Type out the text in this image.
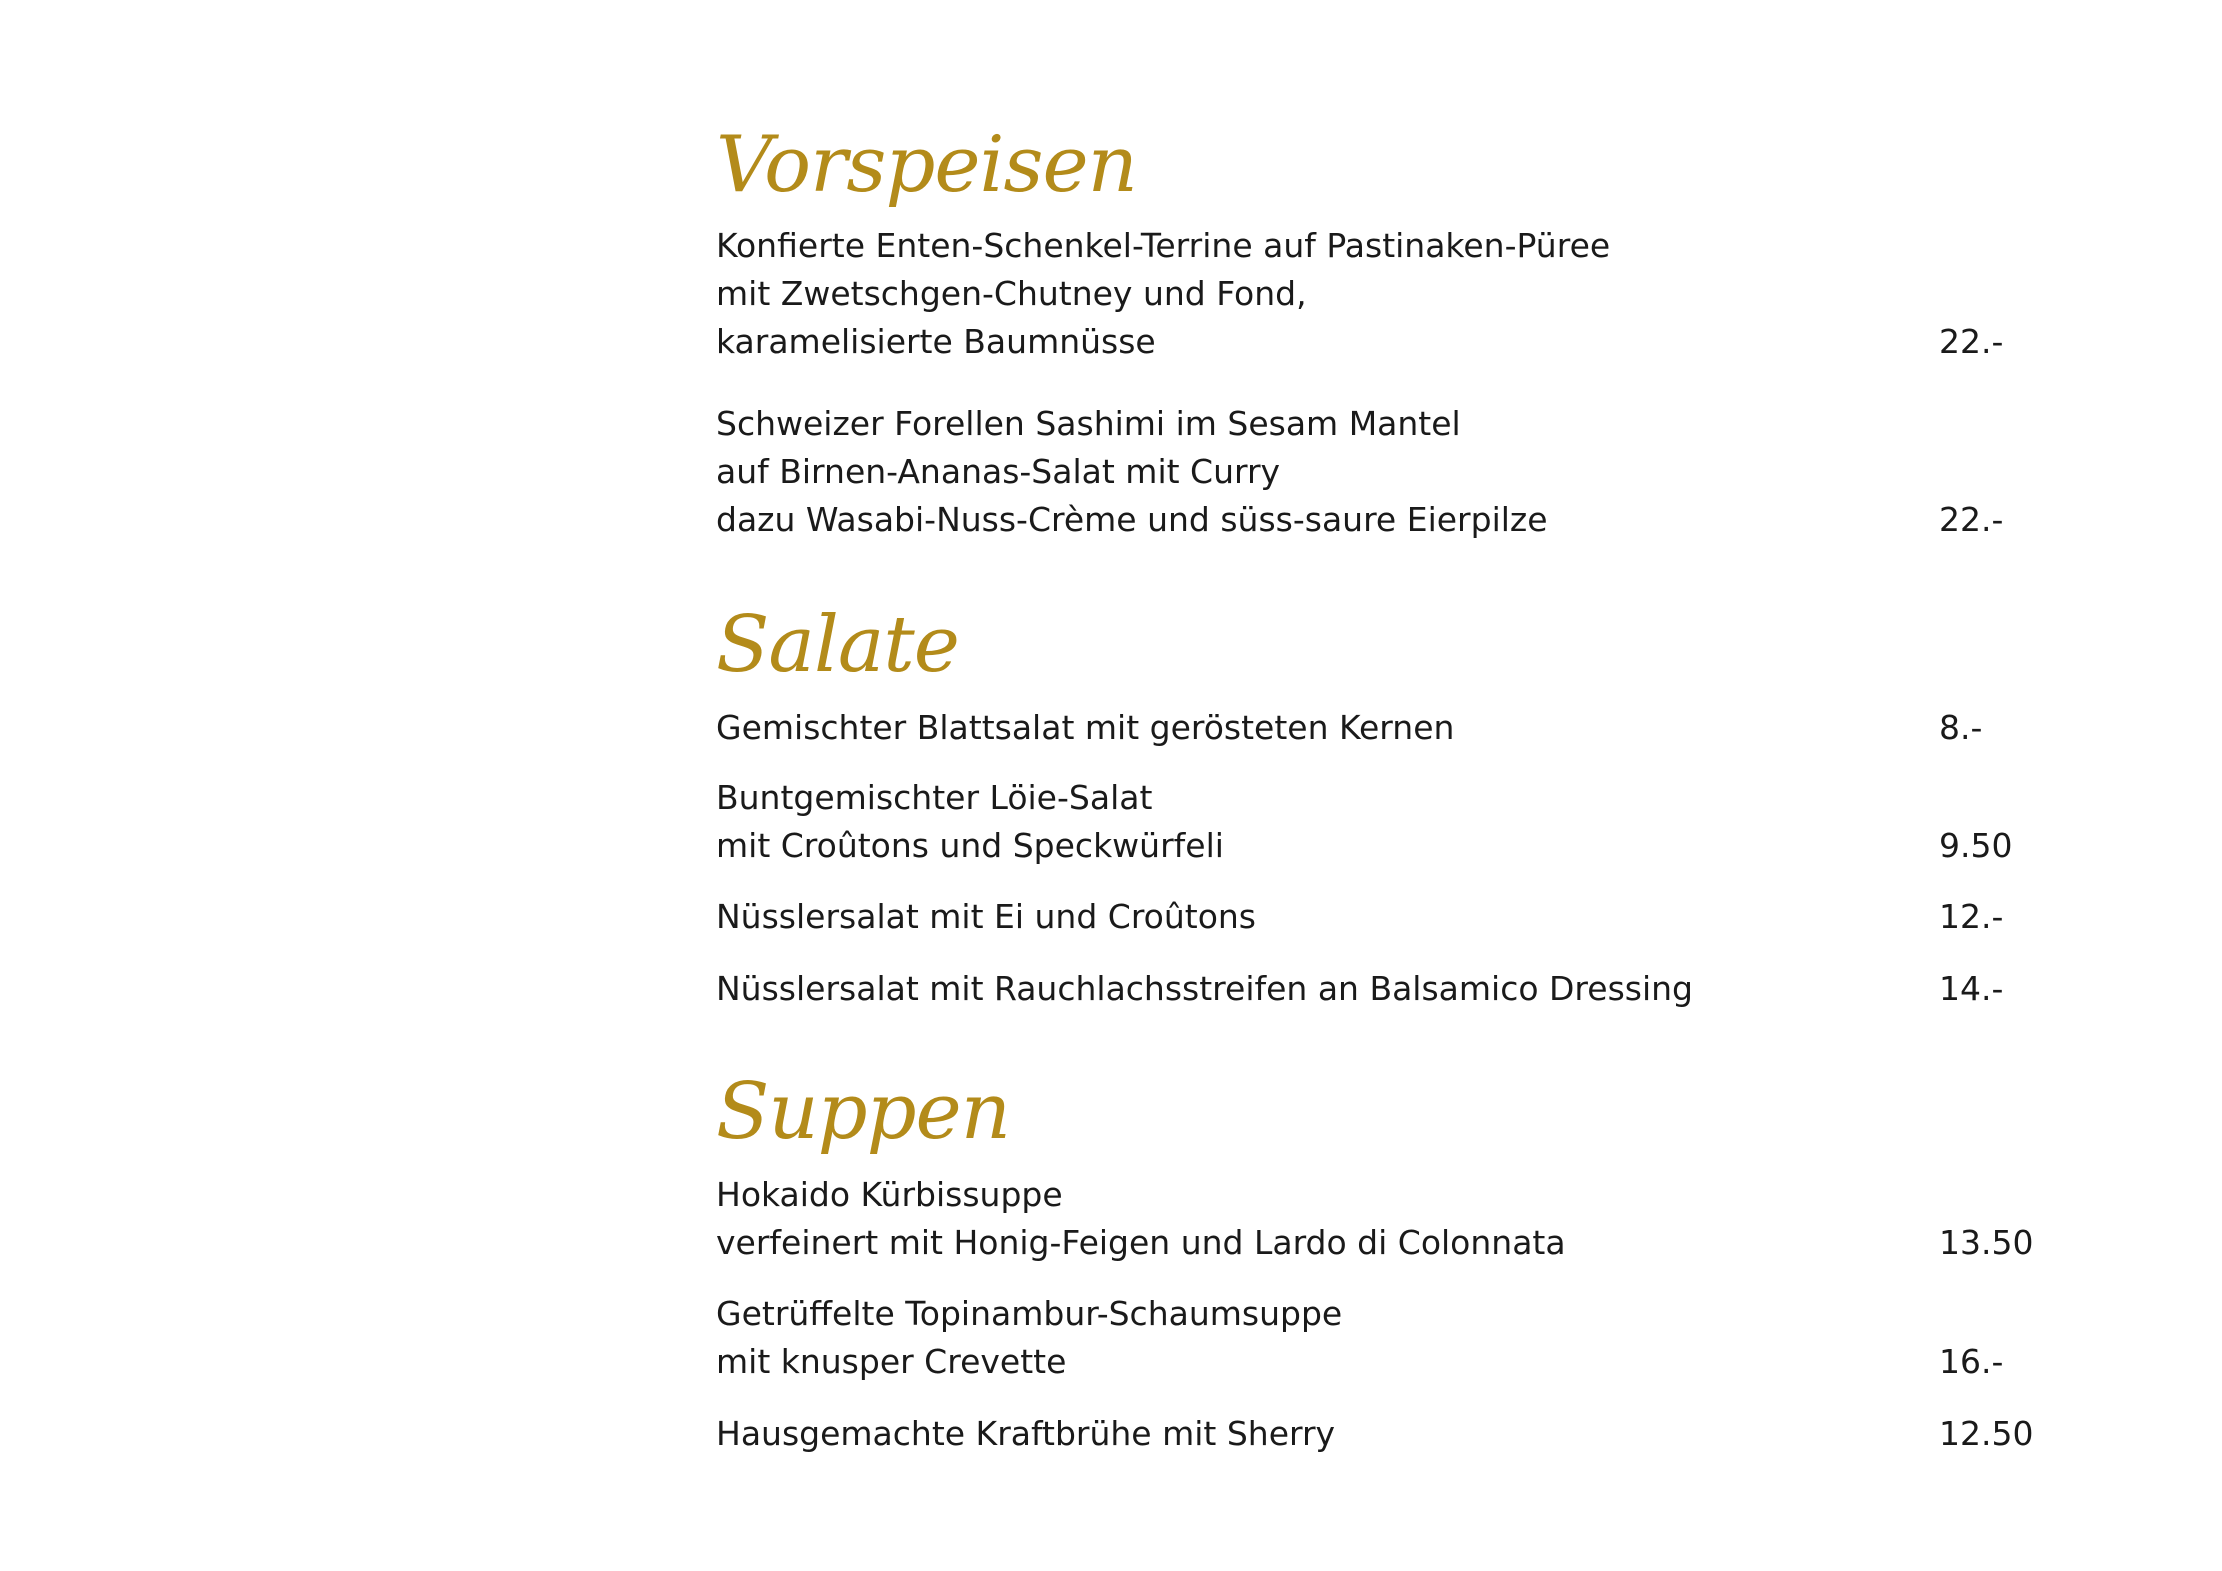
Vorspeisen
Konfierte Enten-Schenkel-Terrine auf Pastinaken-Püree
mit Zwetschgen-Chutney und Fond,
karamelisierte Baumnüsse	22.-
Schweizer Forellen Sashimi im Sesam Mantel
auf Birnen-Ananas-Salat mit Curry
dazu Wasabi-Nuss-Crème und süss-saure Eierpilze	22.-
Salate
Gemischter Blattsalat mit gerösteten Kernen	8.-
Buntgemischter Löie-Salat
mit Croûtons und Speckwürfeli	9.50
Nüsslersalat mit Ei und Croûtons	12.-
Nüsslersalat mit Rauchlachsstreifen an Balsamico Dressing	14.-
Suppen
Hokaido Kürbissuppe
verfeinert mit Honig-Feigen und Lardo di Colonnata	13.50
Getrüffelte Topinambur-Schaumsuppe
mit knusper Crevette	16.-
Hausgemachte Kraftbrühe mit Sherry	12.50
